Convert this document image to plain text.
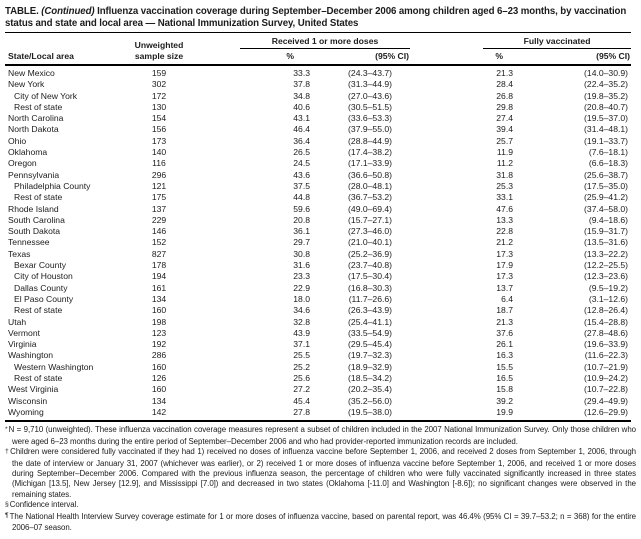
TABLE. (Continued) Influenza vaccination coverage during September–December 2006 among children aged 6–23 months, by vaccination status and state and local area — National Immunization Survey, United States
State/Local area	Unweighted
sample size	Received 1 or more doses		Fully vaccinated	

		%	(95% CI)	%	(95% CI)
New Mexico	159	33.3	(24.3–43.7)	21.3	(14.0–30.9)
New York	302	37.8	(31.3–44.9)	28.4	(22.4–35.2)
City of New York	172	34.8	(27.0–43.6)	26.8	(19.8–35.2)
Rest of state	130	40.6	(30.5–51.5)	29.8	(20.8–40.7)
North Carolina	154	43.1	(33.6–53.3)	27.4	(19.5–37.0)
North Dakota	156	46.4	(37.9–55.0)	39.4	(31.4–48.1)
Ohio	173	36.4	(28.8–44.9)	25.7	(19.1–33.7)
Oklahoma	140	26.5	(17.4–38.2)	11.9	(7.6–18.1)
Oregon	116	24.5	(17.1–33.9)	11.2	(6.6–18.3)
Pennsylvania	296	43.6	(36.6–50.8)	31.8	(25.6–38.7)
Philadelphia County	121	37.5	(28.0–48.1)	25.3	(17.5–35.0)
Rest of state	175	44.8	(36.7–53.2)	33.1	(25.9–41.2)
Rhode Island	137	59.6	(49.0–69.4)	47.6	(37.4–58.0)
South Carolina	229	20.8	(15.7–27.1)	13.3	(9.4–18.6)
South Dakota	146	36.1	(27.3–46.0)	22.8	(15.9–31.7)
Tennessee	152	29.7	(21.0–40.1)	21.2	(13.5–31.6)
Texas	827	30.8	(25.2–36.9)	17.3	(13.3–22.2)
Bexar County	178	31.6	(23.7–40.8)	17.9	(12.2–25.5)
City of Houston	194	23.3	(17.5–30.4)	17.3	(12.3–23.6)
Dallas County	161	22.9	(16.8–30.3)	13.7	(9.5–19.2)
El Paso County	134	18.0	(11.7–26.6)	6.4	(3.1–12.6)
Rest of state	160	34.6	(26.3–43.9)	18.7	(12.8–26.4)
Utah	198	32.8	(25.4–41.1)	21.3	(15.4–28.8)
Vermont	123	43.9	(33.5–54.9)	37.6	(27.8–48.6)
Virginia	192	37.1	(29.5–45.4)	26.1	(19.6–33.9)
Washington	286	25.5	(19.7–32.3)	16.3	(11.6–22.3)
Western Washington	160	25.2	(18.9–32.9)	15.5	(10.7–21.9)
Rest of state	126	25.6	(18.5–34.2)	16.5	(10.9–24.2)
West Virginia	160	27.2	(20.2–35.4)	15.8	(10.7–22.8)
Wisconsin	134	45.4	(35.2–56.0)	39.2	(29.4–49.9)
Wyoming	142	27.8	(19.5–38.0)	19.9	(12.6–29.9)
*N = 9,710 (unweighted). These influenza vaccination coverage measures represent a subset of children included in the 2007 National Immunization Survey. Only those children who were aged 6–23 months during the entire period of September–December 2006 and who had provider-reported immunization records are included.
†Children were considered fully vaccinated if they had 1) received no doses of influenza vaccine before September 1, 2006, and received 2 doses from September 1, 2006, through the date of interview or January 31, 2007 (whichever was earlier), or 2) received 1 or more doses of influenza vaccine before September 1, 2006, and received 1 or more doses during September–December 2006. Compared with the previous influenza season, the percentage of children who were fully vaccinated significantly increased in three states (Michigan [13.5], New Jersey [12.9], and Mississippi [7.0]) and decreased in two states (Oklahoma [-11.0] and Washington [-8.6]); no significant changes were observed in the remaining states.
§Confidence interval.
¶The National Health Interview Survey coverage estimate for 1 or more doses of influenza vaccine, based on parental report, was 46.4% (95% CI = 39.7–53.2; n = 368) for the entire 2006–07 season.
